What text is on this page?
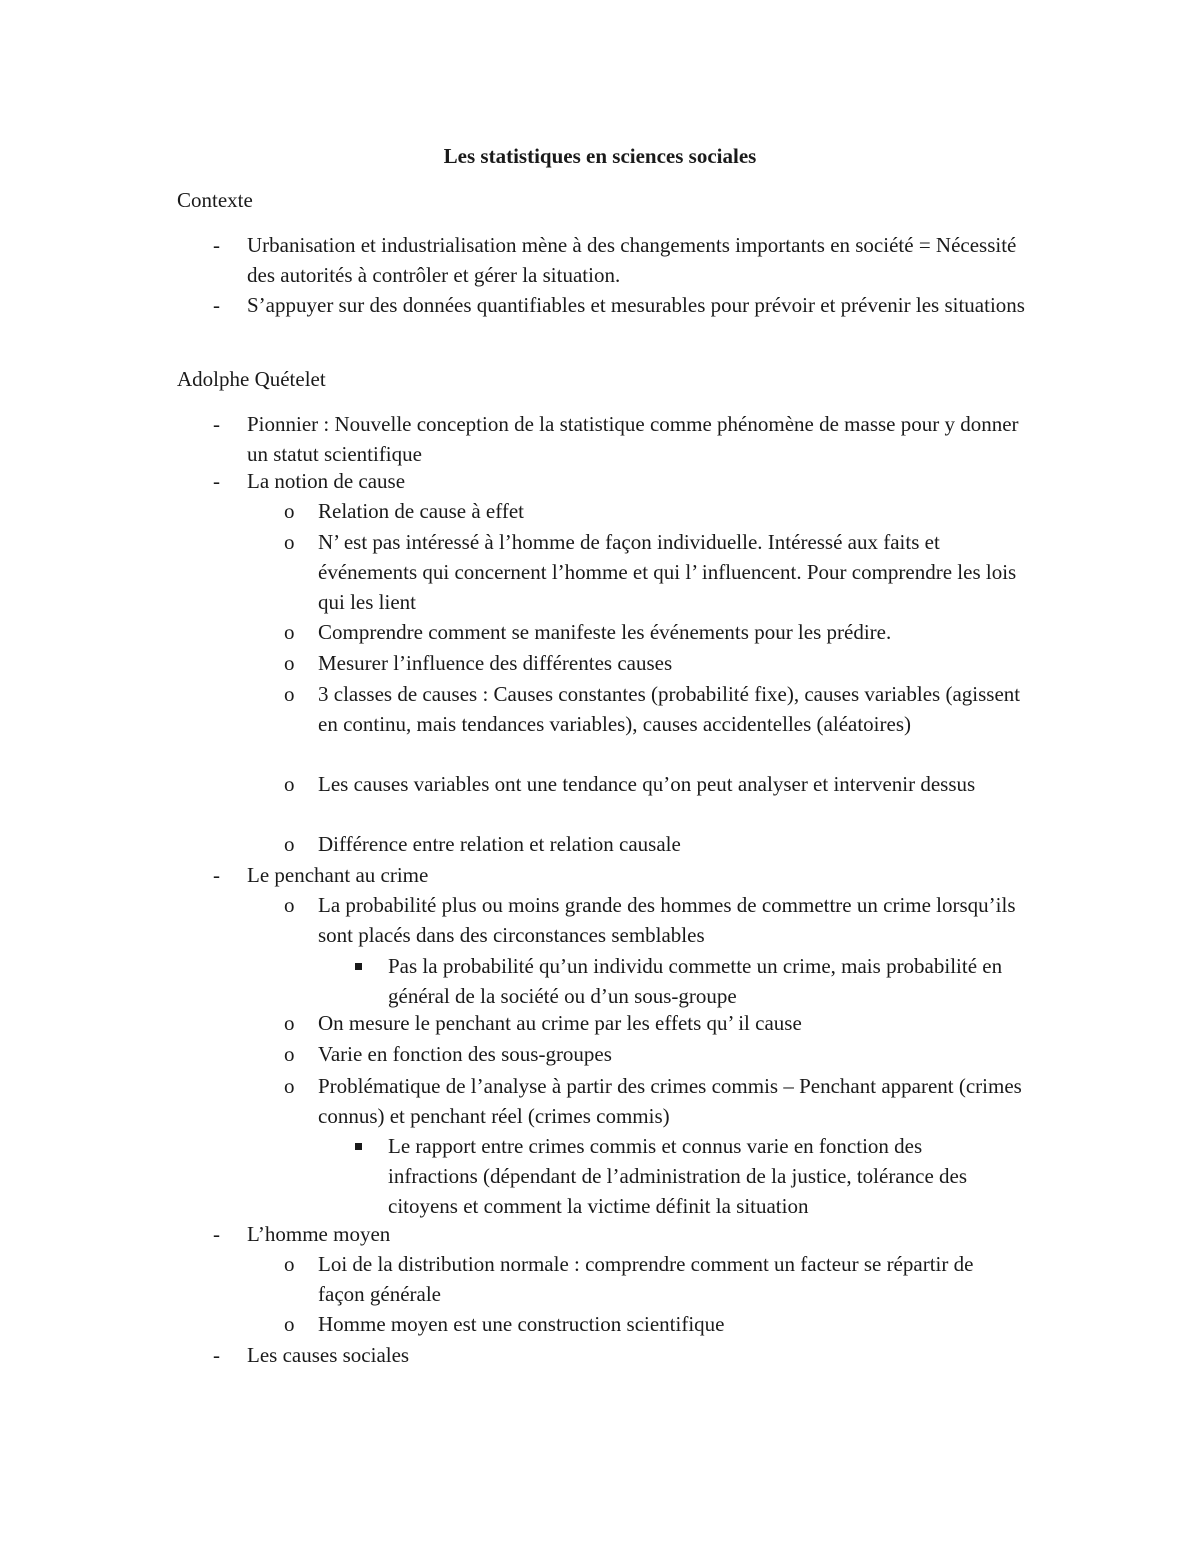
Les statistiques en sciences sociales
Contexte
- Urbanisation et industrialisation mène à des changements importants en société = Nécessité des autorités à contrôler et gérer la situation.
- S’appuyer sur des données quantifiables et mesurables pour prévoir et prévenir les situations
Adolphe Quételet
- Pionnier : Nouvelle conception de la statistique comme phénomène de masse pour y donner un statut scientifique
- La notion de cause
o Relation de cause à effet
o N’ est pas intéressé à l’homme de façon individuelle. Intéressé aux faits et événements qui concernent l’homme et qui l’ influencent. Pour comprendre les lois qui les lient
o Comprendre comment se manifeste les événements pour les prédire.
o Mesurer l’influence des différentes causes
o 3 classes de causes : Causes constantes (probabilité fixe), causes variables (agissent en continu, mais tendances variables), causes accidentelles (aléatoires)
o Les causes variables ont une tendance qu’on peut analyser et intervenir dessus
o Différence entre relation et relation causale
- Le penchant au crime
o La probabilité plus ou moins grande des hommes de commettre un crime lorsqu’ils sont placés dans des circonstances semblables
Pas la probabilité qu’un individu commette un crime, mais probabilité en général de la société ou d’un sous-groupe
o On mesure le penchant au crime par les effets qu’ il cause
o Varie en fonction des sous-groupes
o Problématique de l’analyse à partir des crimes commis – Penchant apparent (crimes connus) et penchant réel (crimes commis)
Le rapport entre crimes commis et connus varie en fonction des infractions (dépendant de l’administration de la justice, tolérance des citoyens et comment la victime définit la situation
- L’homme moyen
o Loi de la distribution normale : comprendre comment un facteur se répartir de façon générale
o Homme moyen est une construction scientifique
- Les causes sociales
